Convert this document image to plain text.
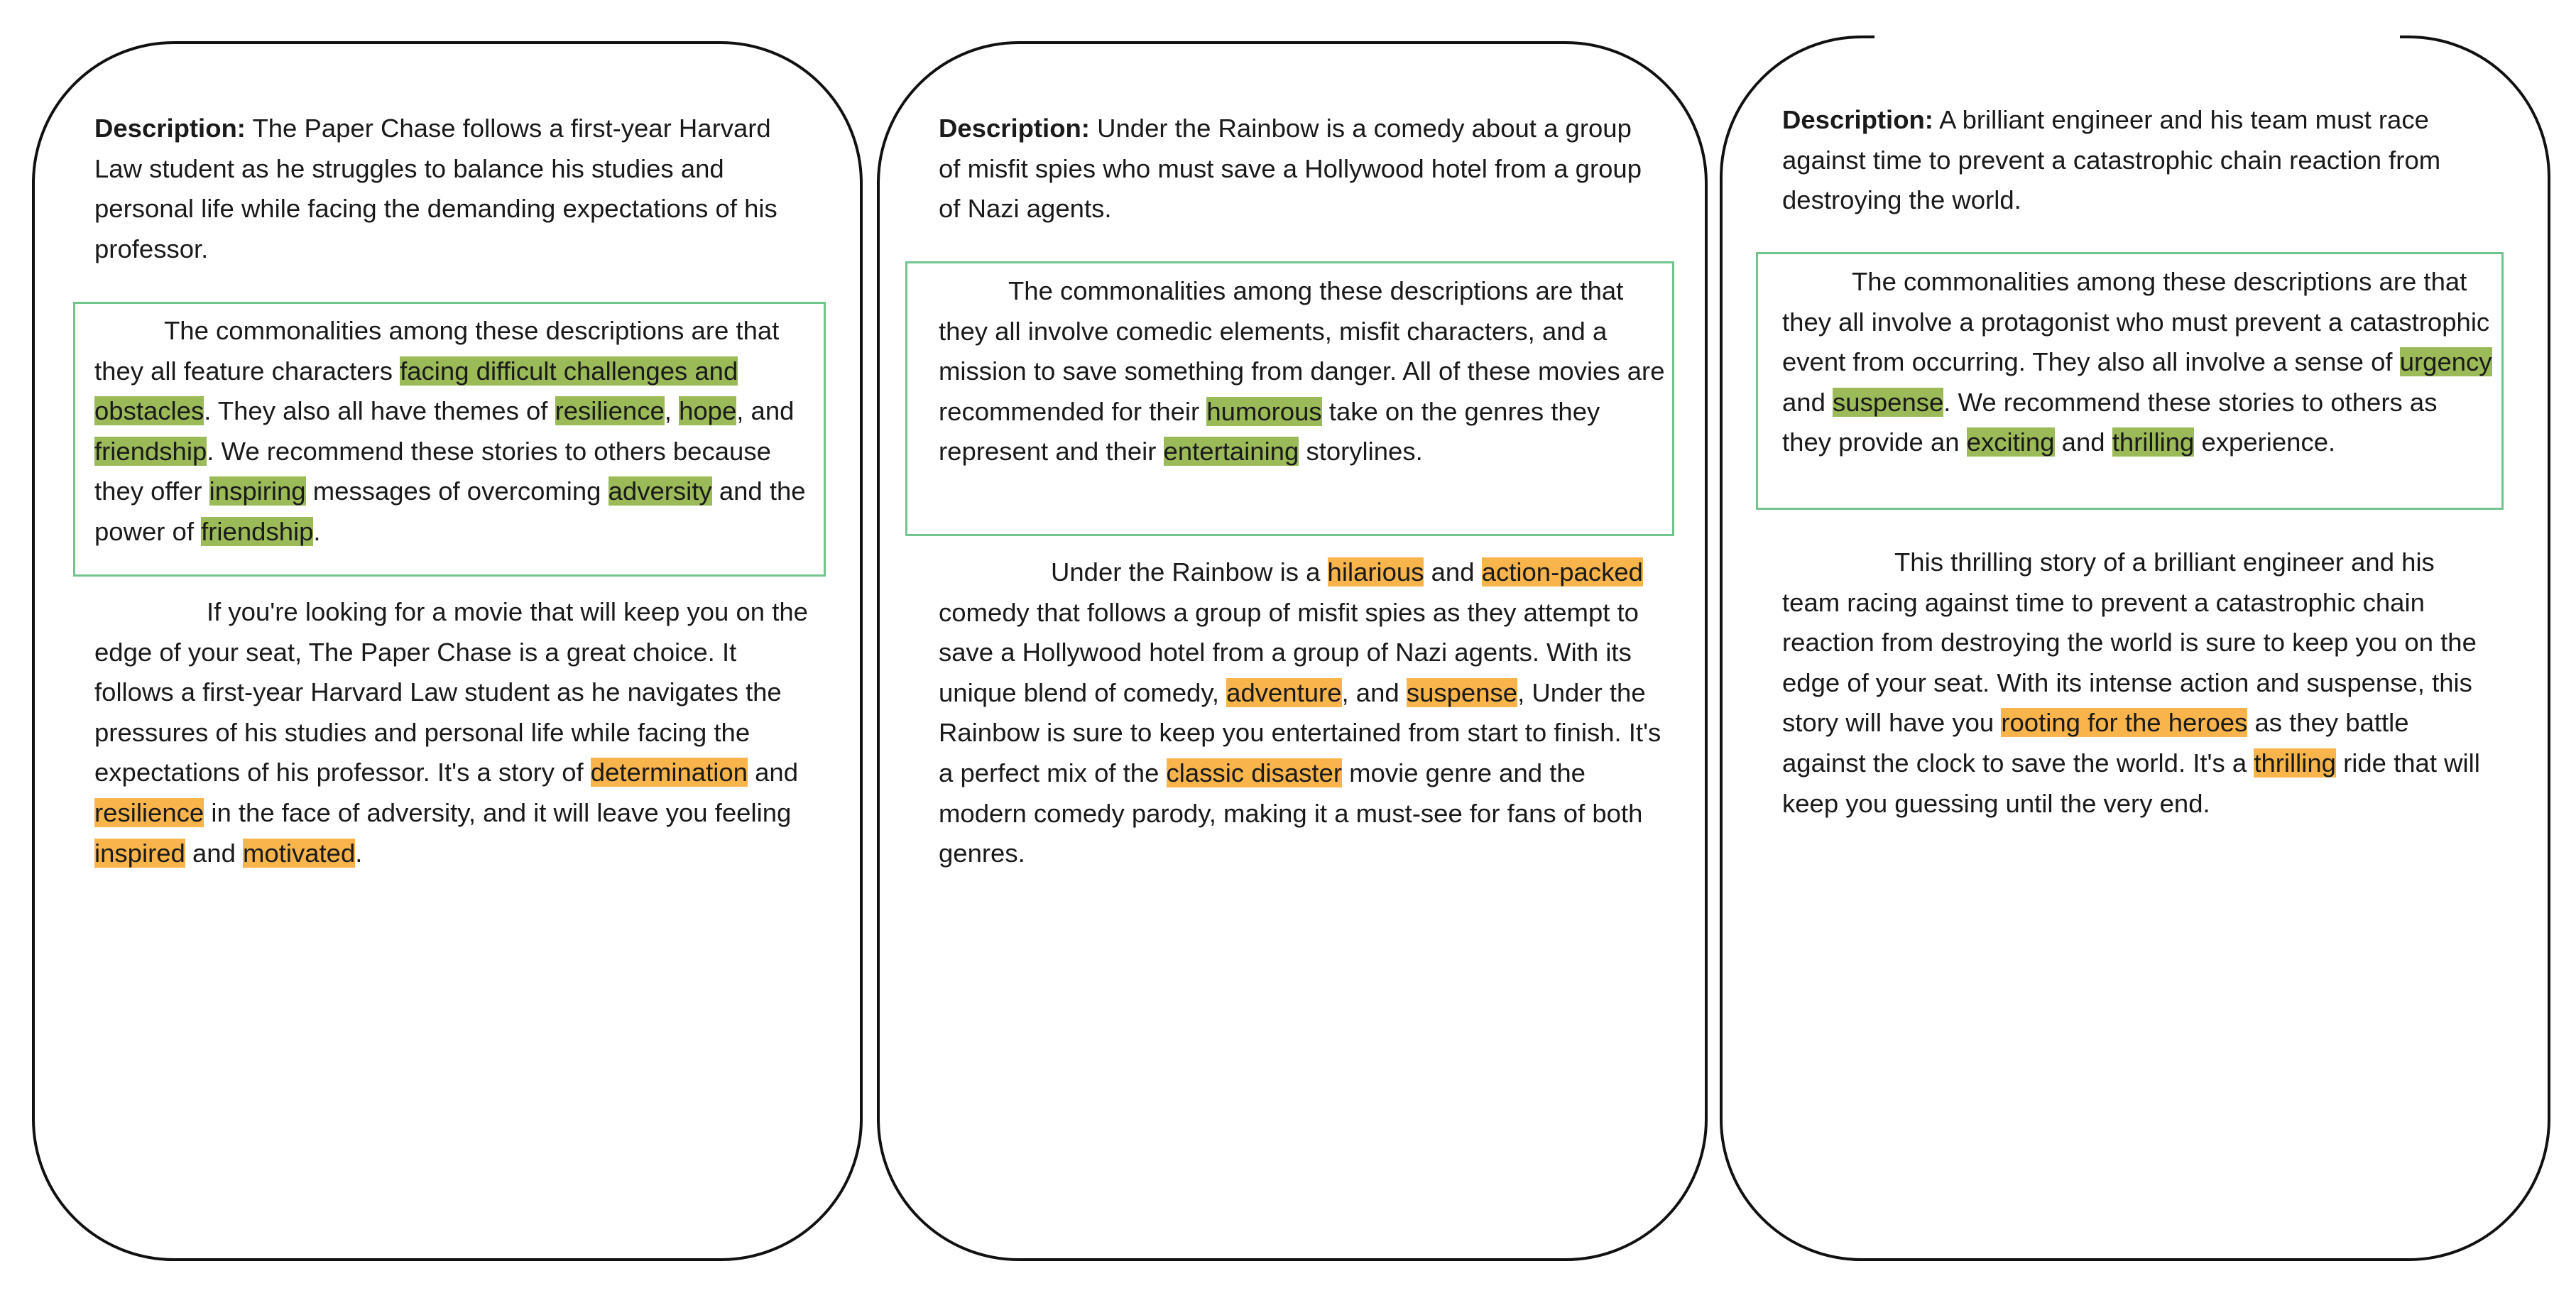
Description: The Paper Chase follows a first-year Harvard Law student as he struggles to balance his studies and personal life while facing the demanding expectations of his professor.

The commonalities among these descriptions are that they all feature characters facing difficult challenges and obstacles. They also all have themes of resilience, hope, and friendship. We recommend these stories to others because they offer inspiring messages of overcoming adversity and the power of friendship.

If you're looking for a movie that will keep you on the edge of your seat, The Paper Chase is a great choice. It follows a first-year Harvard Law student as he navigates the pressures of his studies and personal life while facing the expectations of his professor. It's a story of determination and resilience in the face of adversity, and it will leave you feeling inspired and motivated.

Description: Under the Rainbow is a comedy about a group of misfit spies who must save a Hollywood hotel from a group of Nazi agents.

The commonalities among these descriptions are that they all involve comedic elements, misfit characters, and a mission to save something from danger. All of these movies are recommended for their humorous take on the genres they represent and their entertaining storylines.

Under the Rainbow is a hilarious and action-packed comedy that follows a group of misfit spies as they attempt to save a Hollywood hotel from a group of Nazi agents. With its unique blend of comedy, adventure, and suspense, Under the Rainbow is sure to keep you entertained from start to finish. It's a perfect mix of the classic disaster movie genre and the modern comedy parody, making it a must-see for fans of both genres.

Description: A brilliant engineer and his team must race against time to prevent a catastrophic chain reaction from destroying the world.

The commonalities among these descriptions are that they all involve a protagonist who must prevent a catastrophic event from occurring. They also all involve a sense of urgency and suspense. We recommend these stories to others as they provide an exciting and thrilling experience.

This thrilling story of a brilliant engineer and his team racing against time to prevent a catastrophic chain reaction from destroying the world is sure to keep you on the edge of your seat. With its intense action and suspense, this story will have you rooting for the heroes as they battle against the clock to save the world. It's a thrilling ride that will keep you guessing until the very end.
